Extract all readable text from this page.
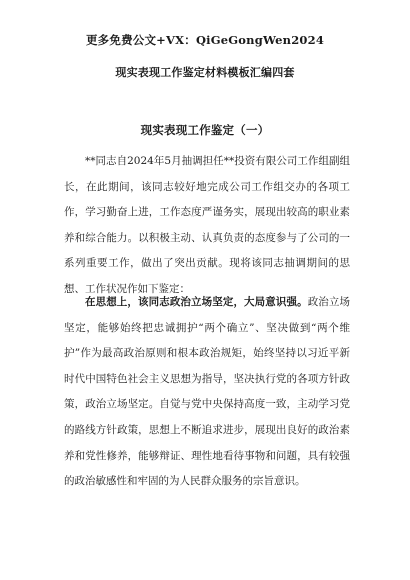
更多免费公文+VX：QiGeGongWen2024
现实表现工作鉴定材料模板汇编四套
现实表现工作鉴定（一）

**同志自2024年5月抽调担任**投资有限公司工作组副组长，在此期间，该同志较好地完成公司工作组交办的各项工作，学习勤奋上进，工作态度严谨务实，展现出较高的职业素养和综合能力。以积极主动、认真负责的态度参与了公司的一系列重要工作，做出了突出贡献。现将该同志抽调期间的思想、工作状况作如下鉴定：

在思想上，该同志政治立场坚定，大局意识强。政治立场坚定，能够始终把忠诚拥护“两个确立”、坚决做到“两个维护”作为最高政治原则和根本政治规矩，始终坚持以习近平新时代中国特色社会主义思想为指导，坚决执行党的各项方针政策，政治立场坚定。自觉与党中央保持高度一致，主动学习党的路线方针政策，思想上不断追求进步，展现出良好的政治素养和党性修养，能够辩证、理性地看待事物和问题，具有较强的政治敏感性和牢固的为人民群众服务的宗旨意识。
